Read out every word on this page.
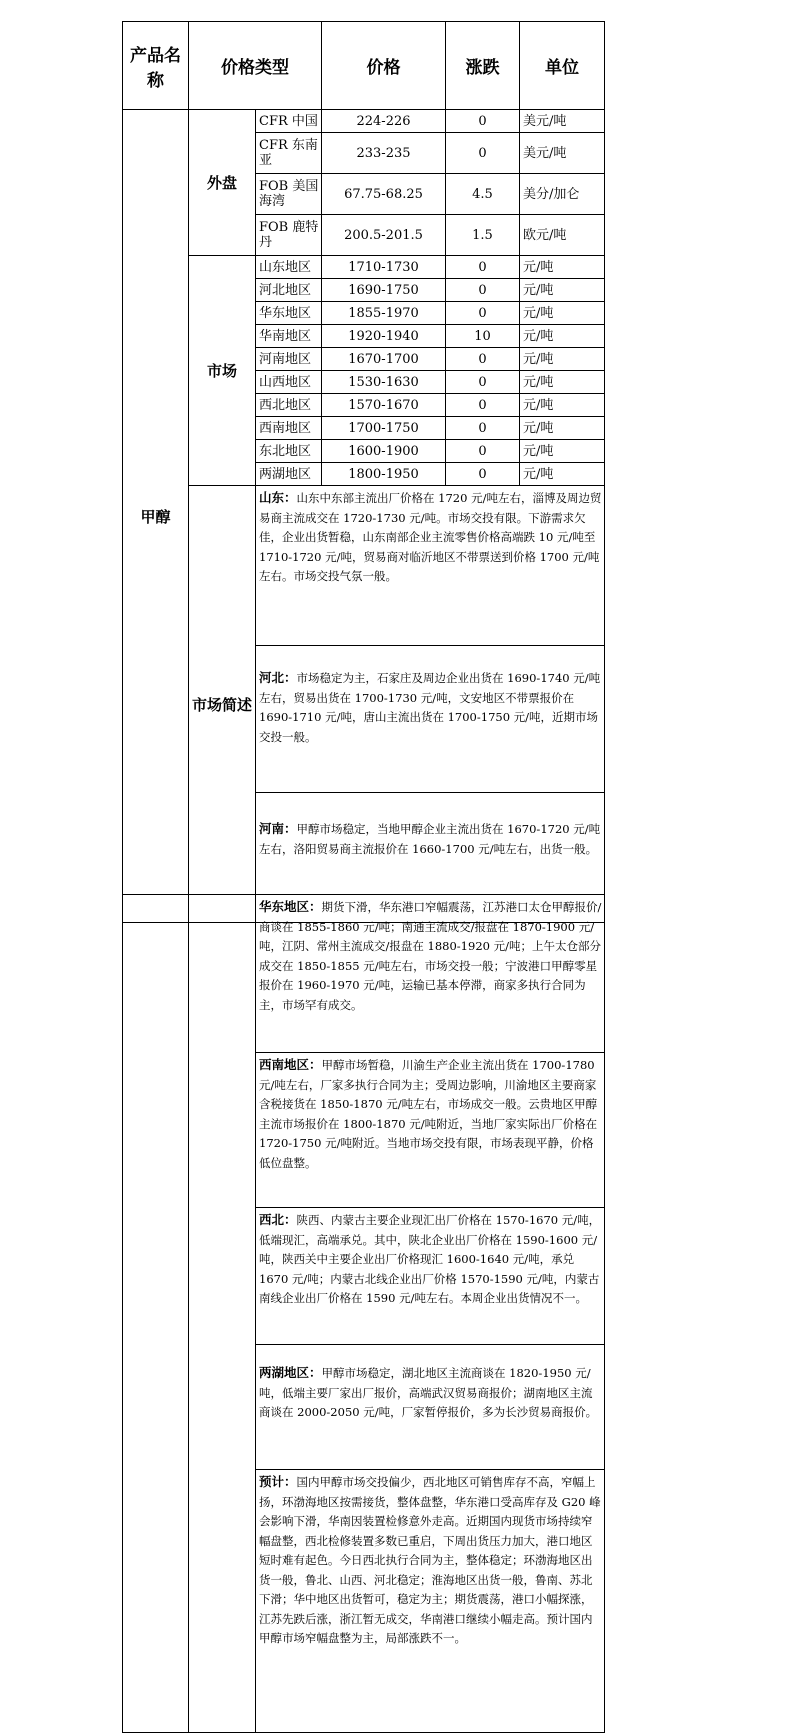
产品名称	价格类型		价格	涨跌	单位
甲醇	外盘	CFR 中国	224-226	0	美元/吨
		CFR 东南亚	233-235	0	美元/吨
		FOB 美国海湾	67.75-68.25	4.5	美分/加仑
		FOB 鹿特丹	200.5-201.5	1.5	欧元/吨
	市场	山东地区	1710-1730	0	元/吨
		河北地区	1690-1750	0	元/吨
		华东地区	1855-1970	0	元/吨
		华南地区	1920-1940	10	元/吨
		河南地区	1670-1700	0	元/吨
		山西地区	1530-1630	0	元/吨
		西北地区	1570-1670	0	元/吨
		西南地区	1700-1750	0	元/吨
		东北地区	1600-1900	0	元/吨
		两湖地区	1800-1950	0	元/吨
	市场简述	山东：山东中东部主流出厂价格在 1720 元/吨左右，淄博及周边贸易商主流成交在 1720-1730 元/吨。市场交投有限。下游需求欠佳，企业出货暂稳，山东南部企业主流零售价格高端跌 10 元/吨至 1710-1720 元/吨，贸易商对临沂地区不带票送到价格 1700 元/吨左右。市场交投气氛一般。			
		河北：市场稳定为主，石家庄及周边企业出货在 1690-1740 元/吨左右，贸易出货在 1700-1730 元/吨，文安地区不带票报价在 1690-1710 元/吨，唐山主流出货在 1700-1750 元/吨，近期市场交投一般。			
		河南：甲醇市场稳定，当地甲醇企业主流出货在 1670-1720 元/吨左右，洛阳贸易商主流报价在 1660-1700 元/吨左右，出货一般。			
		华东地区：期货下滑，华东港口窄幅震荡，江苏港口太仓甲醇报价/商谈在 1855-1860 元/吨；南通主流成交/报盘在 1870-1900 元/吨，江阴、常州主流成交/报盘在 1880-1920 元/吨；上午太仓部分成交在 1850-1855 元/吨左右，市场交投一般；宁波港口甲醇零星报价在 1960-1970 元/吨，运输已基本停滞，商家多执行合同为主，市场罕有成交。
西南地区：甲醇市场暂稳，川渝生产企业主流出货在 1700-1780 元/吨左右，厂家多执行合同为主；受周边影响，川渝地区主要商家含税接货在 1850-1870 元/吨左右，市场成交一般。云贵地区甲醇主流市场报价在 1800-1870 元/吨附近，当地厂家实际出厂价格在 1720-1750 元/吨附近。当地市场交投有限，市场表现平静，价格低位盘整。
西北：陕西、内蒙古主要企业现汇出厂价格在 1570-1670 元/吨，低端现汇，高端承兑。其中，陕北企业出厂价格在 1590-1600 元/吨，陕西关中主要企业出厂价格现汇 1600-1640 元/吨，承兑 1670 元/吨；内蒙古北线企业出厂价格 1570-1590 元/吨，内蒙古南线企业出厂价格在 1590 元/吨左右。本周企业出货情况不一。
两湖地区：甲醇市场稳定，湖北地区主流商谈在 1820-1950 元/吨，低端主要厂家出厂报价，高端武汉贸易商报价；湖南地区主流商谈在 2000-2050 元/吨，厂家暂停报价，多为长沙贸易商报价。
预计：国内甲醇市场交投偏少，西北地区可销售库存不高，窄幅上扬，环渤海地区按需接货，整体盘整，华东港口受高库存及 G20 峰会影响下滑，华南因装置检修意外走高。近期国内现货市场持续窄幅盘整，西北检修装置多数已重启，下周出货压力加大，港口地区短时难有起色。今日西北执行合同为主，整体稳定；环渤海地区出货一般，鲁北、山西、河北稳定；淮海地区出货一般，鲁南、苏北下滑；华中地区出货暂可，稳定为主；期货震荡，港口小幅探涨，江苏先跌后涨，浙江暂无成交，华南港口继续小幅走高。预计国内甲醇市场窄幅盘整为主，局部涨跌不一。
